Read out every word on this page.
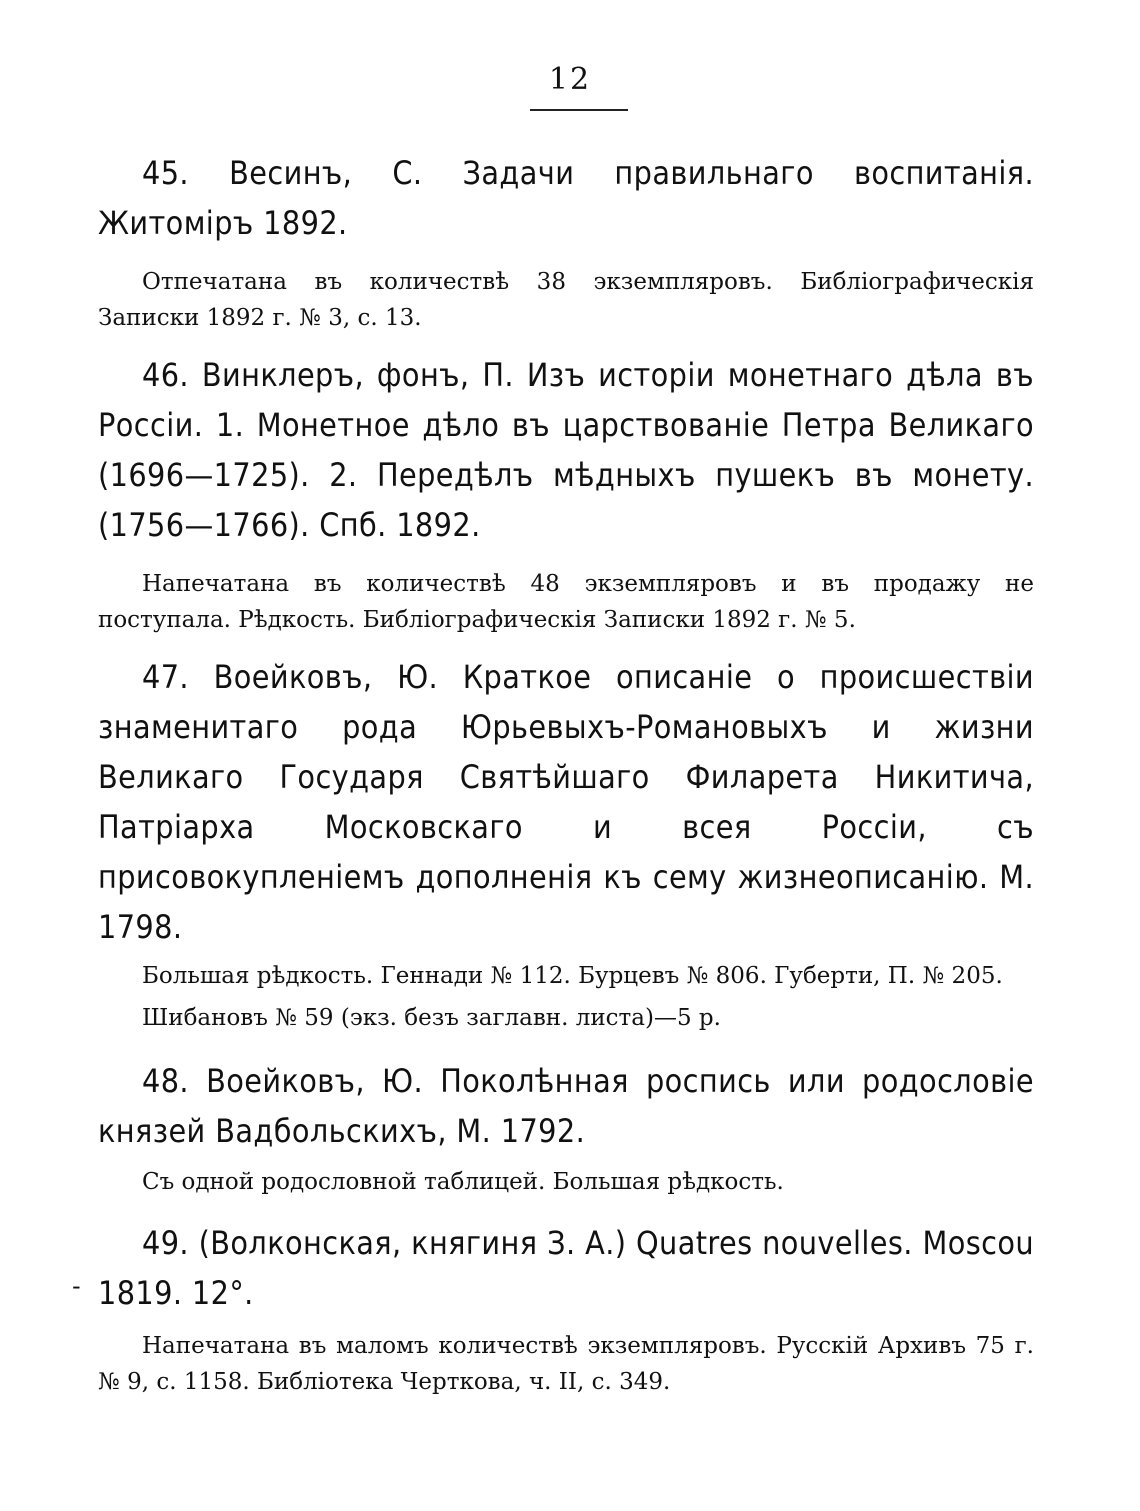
12

45. Весинъ, С. Задачи правильнаго воспитанія. Житоміръ 1892.

Отпечатана въ количествѣ 38 экземпляровъ. Библіографическія Записки 1892 г. № 3, с. 13.

46. Винклеръ, фонъ, П. Изъ исторіи монетнаго дѣла въ Россіи. 1. Монетное дѣло въ царствованіе Петра Великаго (1696—1725). 2. Передѣлъ мѣдныхъ пушекъ въ монету. (1756—1766). Спб. 1892.

Напечатана въ количествѣ 48 экземпляровъ и въ продажу не поступала. Рѣдкость. Библіографическія Записки 1892 г. № 5.

47. Воейковъ, Ю. Краткое описаніе о происшествіи знаменитаго рода Юрьевыхъ-Романовыхъ и жизни Великаго Государя Святѣйшаго Филарета Никитича, Патріарха Московскаго и всея Россіи, съ присовокупленіемъ дополненія къ сему жизнеописанію. М. 1798.

Большая рѣдкость. Геннади № 112. Бурцевъ № 806. Губерти, П. № 205.

Шибановъ № 59 (экз. безъ заглавн. листа)—5 р.

48. Воейковъ, Ю. Поколѣнная роспись или родословіе князей Вадбольскихъ, М. 1792.

Съ одной родословной таблицей. Большая рѣдкость.

49. (Волконская, княгиня З. А.) Quatres nouvelles. Moscou 1819. 12°.

Напечатана въ маломъ количествѣ экземпляровъ. Русскій Архивъ 75 г. № 9, с. 1158. Библіотека Черткова, ч. II, с. 349.

-
